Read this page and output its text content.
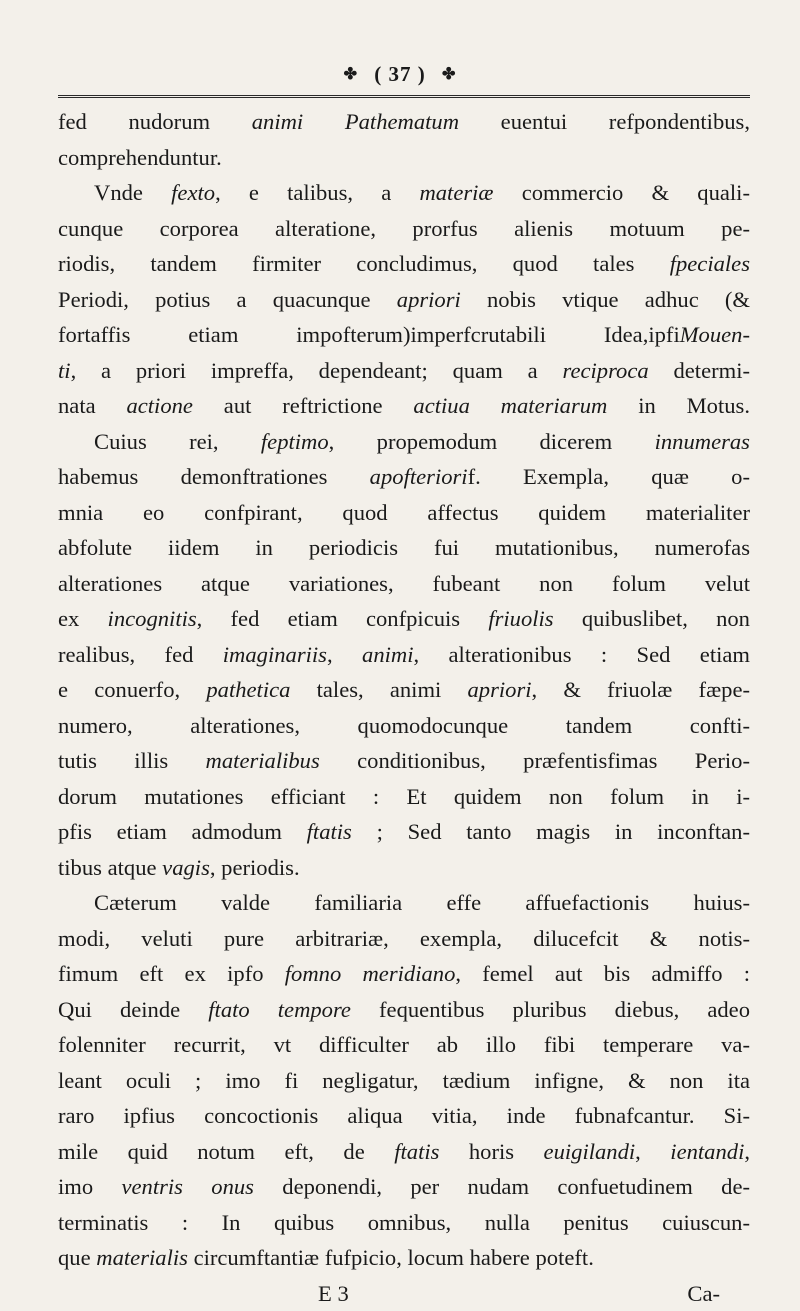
✤ ( 37 ) ✤
fed nudorum animi Pathematum euentui refpondentibus,
comprehenduntur.
Vnde fexto, e talibus, a materiæ commercio & quali-
cunque corporea alteratione, prorfus alienis motuum pe-
riodis, tandem firmiter concludimus, quod tales fpeciales
Periodi, potius a quacunque apriori nobis vtique adhuc (&
fortaffis etiam impofterum)imperfcrutabili Idea,ipfiMouen-
ti, a priori impreffa, dependeant; quam a reciproca determi-
nata actione aut reftrictione actiua materiarum in Motus.
Cuius rei, feptimo, propemodum dicerem innumeras
habemus demonftrationes apofteriorif. Exempla, quæ o-
mnia eo confpirant, quod affectus quidem materialiter
abfolute iidem in periodicis fui mutationibus, numerofas
alterationes atque variationes, fubeant non folum velut
ex incognitis, fed etiam confpicuis friuolis quibuslibet, non
realibus, fed imaginariis, animi, alterationibus : Sed etiam
e conuerfo, pathetica tales, animi apriori, & friuolæ fæpe-
numero, alterationes, quomodocunque tandem confti-
tutis illis materialibus conditionibus, præfentisfimas Perio-
dorum mutationes efficiant : Et quidem non folum in i-
pfis etiam admodum ftatis ; Sed tanto magis in inconftan-
tibus atque vagis, periodis.
Cæterum valde familiaria effe affuefactionis huius-
modi, veluti pure arbitrariæ, exempla, dilucefcit & notis-
fimum eft ex ipfo fomno meridiano, femel aut bis admiffo :
Qui deinde ftato tempore fequentibus pluribus diebus, adeo
folenniter recurrit, vt difficulter ab illo fibi temperare va-
leant oculi ; imo fi negligatur, tædium infigne, & non ita
raro ipfius concoctionis aliqua vitia, inde fubnafcantur. Si-
mile quid notum eft, de ftatis horis euigilandi, ientandi,
imo ventris onus deponendi, per nudam confuetudinem de-
terminatis : In quibus omnibus, nulla penitus cuiuscun-
que materialis circumftantiæ fufpicio, locum habere poteft.
E 3	Ca-
